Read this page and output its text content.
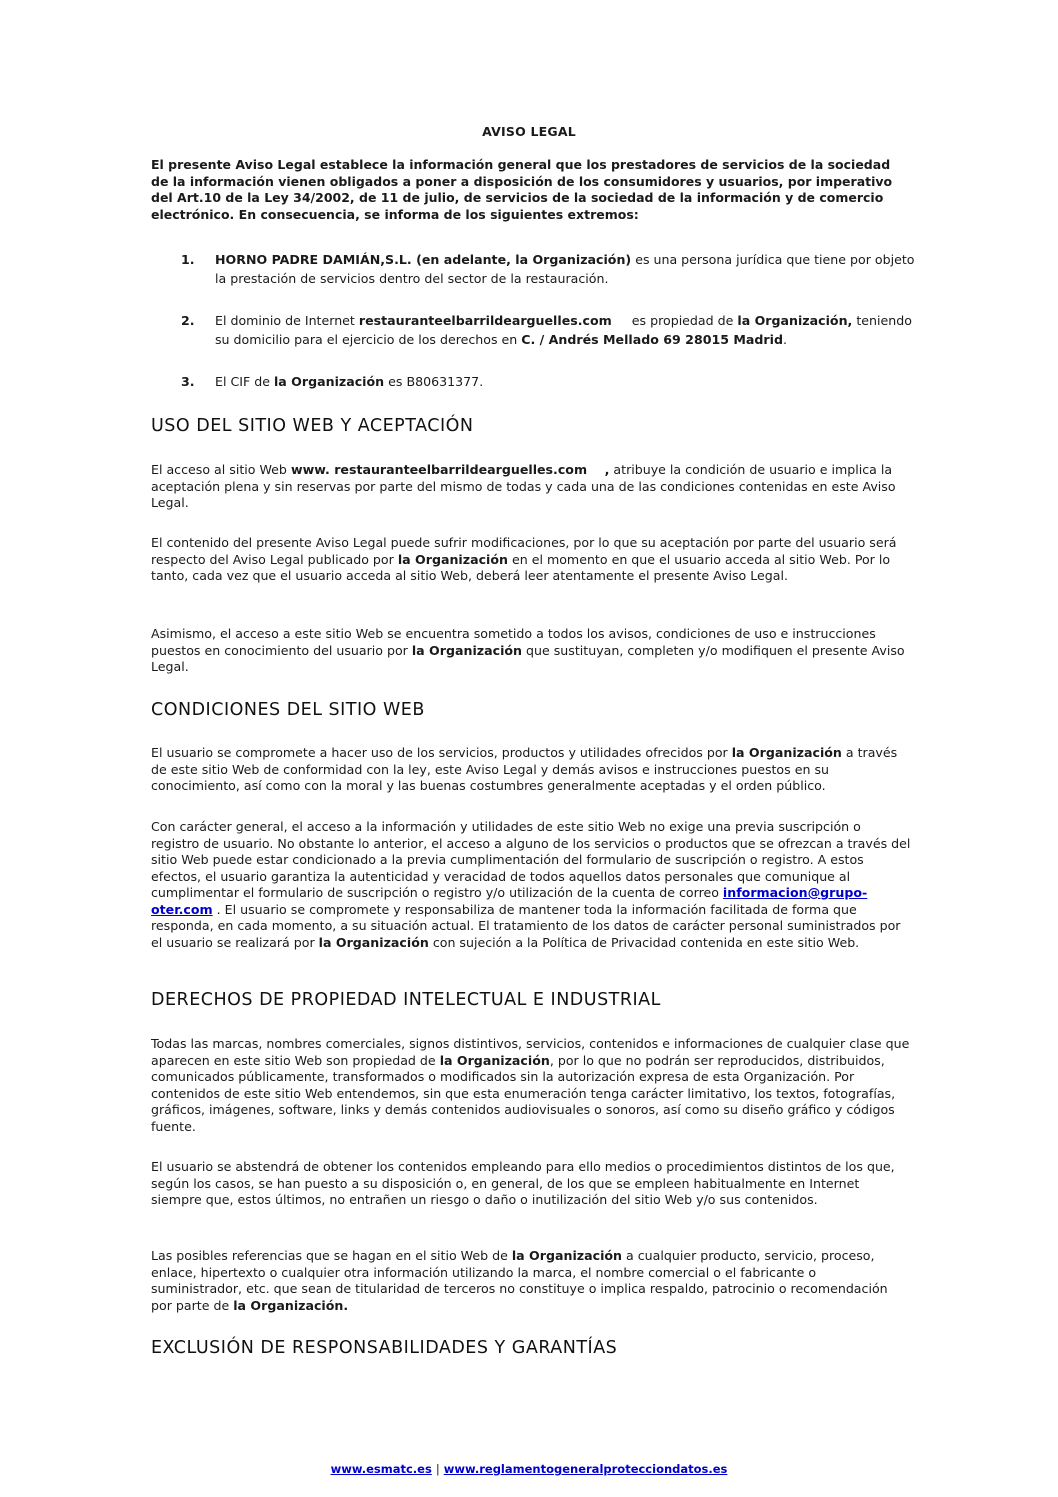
AVISO LEGAL
El presente Aviso Legal establece la información general que los prestadores de servicios de la sociedad de la información vienen obligados a poner a disposición de los consumidores y usuarios, por imperativo del Art.10 de la Ley 34/2002, de 11 de julio, de servicios de la sociedad de la información y de comercio electrónico. En consecuencia, se informa de los siguientes extremos:
1. HORNO PADRE DAMIÁN,S.L. (en adelante, la Organización) es una persona jurídica que tiene por objeto la prestación de servicios dentro del sector de la restauración.
2. El dominio de Internet restauranteelbarrildearguelles.com     es propiedad de la Organización, teniendo su domicilio para el ejercicio de los derechos en C. / Andrés Mellado 69 28015 Madrid.
3. El CIF de la Organización es B80631377.
USO DEL SITIO WEB Y ACEPTACIÓN
El acceso al sitio Web www. restauranteelbarrildearguelles.com    , atribuye la condición de usuario e implica la aceptación plena y sin reservas por parte del mismo de todas y cada una de las condiciones contenidas en este Aviso Legal.
El contenido del presente Aviso Legal puede sufrir modificaciones, por lo que su aceptación por parte del usuario será respecto del Aviso Legal publicado por la Organización en el momento en que el usuario acceda al sitio Web. Por lo tanto, cada vez que el usuario acceda al sitio Web, deberá leer atentamente el presente Aviso Legal.
Asimismo, el acceso a este sitio Web se encuentra sometido a todos los avisos, condiciones de uso e instrucciones puestos en conocimiento del usuario por la Organización que sustituyan, completen y/o modifiquen el presente Aviso Legal.
CONDICIONES DEL SITIO WEB
El usuario se compromete a hacer uso de los servicios, productos y utilidades ofrecidos por la Organización a través de este sitio Web de conformidad con la ley, este Aviso Legal y demás avisos e instrucciones puestos en su conocimiento, así como con la moral y las buenas costumbres generalmente aceptadas y el orden público.
Con carácter general, el acceso a la información y utilidades de este sitio Web no exige una previa suscripción o registro de usuario. No obstante lo anterior, el acceso a alguno de los servicios o productos que se ofrezcan a través del sitio Web puede estar condicionado a la previa cumplimentación del formulario de suscripción o registro. A estos efectos, el usuario garantiza la autenticidad y veracidad de todos aquellos datos personales que comunique al cumplimentar el formulario de suscripción o registro y/o utilización de la cuenta de correo informacion@grupo-oter.com . El usuario se compromete y responsabiliza de mantener toda la información facilitada de forma que responda, en cada momento, a su situación actual. El tratamiento de los datos de carácter personal suministrados por el usuario se realizará por la Organización con sujeción a la Política de Privacidad contenida en este sitio Web.
DERECHOS DE PROPIEDAD INTELECTUAL E INDUSTRIAL
Todas las marcas, nombres comerciales, signos distintivos, servicios, contenidos e informaciones de cualquier clase que aparecen en este sitio Web son propiedad de la Organización, por lo que no podrán ser reproducidos, distribuidos, comunicados públicamente, transformados o modificados sin la autorización expresa de esta Organización. Por contenidos de este sitio Web entendemos, sin que esta enumeración tenga carácter limitativo, los textos, fotografías, gráficos, imágenes, software, links y demás contenidos audiovisuales o sonoros, así como su diseño gráfico y códigos fuente.
El usuario se abstendrá de obtener los contenidos empleando para ello medios o procedimientos distintos de los que, según los casos, se han puesto a su disposición o, en general, de los que se empleen habitualmente en Internet siempre que, estos últimos, no entrañen un riesgo o daño o inutilización del sitio Web y/o sus contenidos.
Las posibles referencias que se hagan en el sitio Web de la Organización a cualquier producto, servicio, proceso, enlace, hipertexto o cualquier otra información utilizando la marca, el nombre comercial o el fabricante o suministrador, etc. que sean de titularidad de terceros no constituye o implica respaldo, patrocinio o recomendación por parte de la Organización.
EXCLUSIÓN DE RESPONSABILIDADES Y GARANTÍAS
www.esmatc.es | www.reglamentogeneralprotecciondatos.es
